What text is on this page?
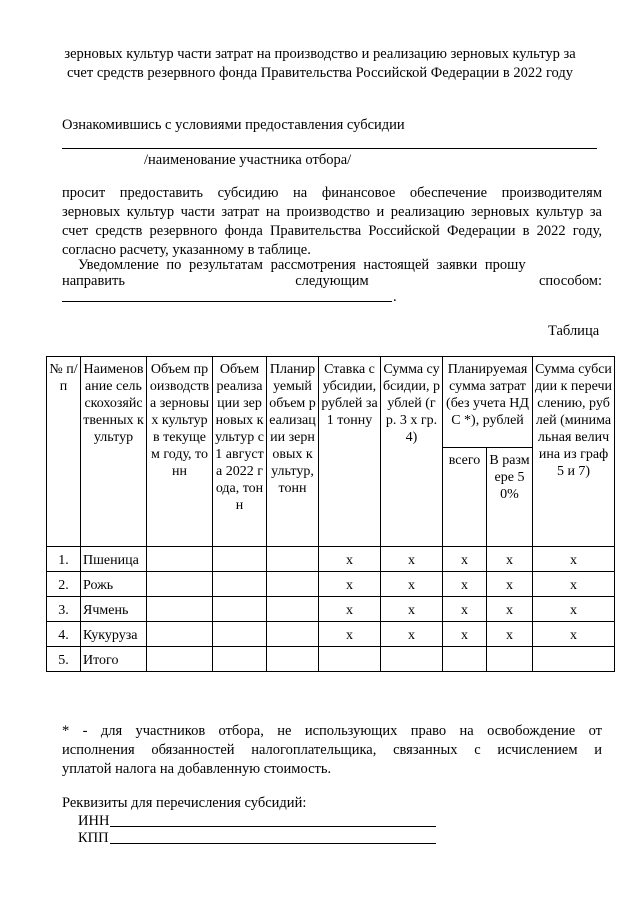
зерновых культур части затрат на производство и реализацию зерновых культур за
счет средств резервного фонда Правительства Российской Федерации в 2022 году
Ознакомившись с условиями предоставления субсидии
/наименование участника отбора/
просит предоставить субсидию на финансовое обеспечение производителям
зерновых культур части затрат на производство и реализацию зерновых культур за
счет средств резервного фонда Правительства Российской Федерации в 2022 году,
согласно расчету, указанному в таблице.
Уведомление по результатам рассмотрения настоящей заявки прошу
направить следующим способом:
.
Таблица
№ п/п	Наименование сельскохозяйственных культур	Объем производства зерновых культур в текущем году, тонн	Объем реализации зерновых культур с 1 августа 2022 года, тонн	Планируемый объем реализации зерновых культур, тонн	Ставка субсидии, рублей за 1 тонну	Сумма субсидии, рублей (гр. 3 х гр. 4)	Планируемая сумма затрат (без учета НДС *), рублей		Сумма субсидии к перечислению, рублей (минимальная величина из граф 5 и 7)
							всего	В размере 50%	
1.	Пшеница				х	х	х	х	х
2.	Рожь				х	х	х	х	х
3.	Ячмень				х	х	х	х	х
4.	Кукуруза				х	х	х	х	х
5.	Итого								
* - для участников отбора, не использующих право на освобождение от
исполнения обязанностей налогоплательщика, связанных с исчислением и
уплатой налога на добавленную стоимость.
Реквизиты для перечисления субсидий:
ИНН
КПП
